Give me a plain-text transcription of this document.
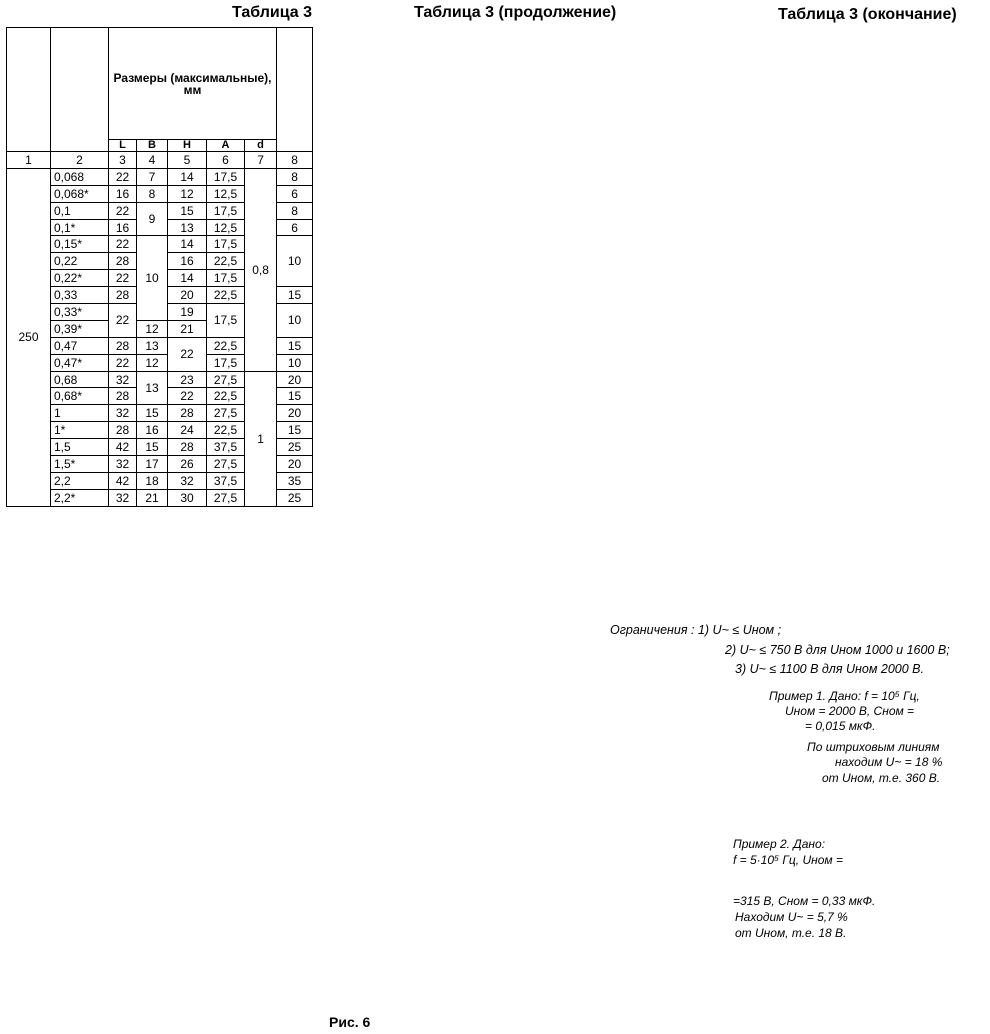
Таблица 3	Таблица 3 (продолжение)	Таблица 3 (окончание)
		Размеры (максимальные), мм	
		L	B	H	A	d	
1	2	3	4	5	6	7	8
250	0,068	22	7	14	17,5	0,8	8
	0,068*	16	8	12	12,5		6
	0,1	22	9	15	17,5		8
	0,1*	16		13	12,5		6
	0,15*	22	10	14	17,5		10
	0,22	28		16	22,5		
	0,22*	22		14	17,5		
	0,33	28		20	22,5		15
	0,33*	22		19	17,5		10
	0,39*		12	21			
	0,47	28	13	22	22,5		15
	0,47*	22	12		17,5		10
	0,68	32	13	23	27,5	1	20
	0,68*	28		22	22,5		15
	1	32	15	28	27,5		20
	1*	28	16	24	22,5		15
	1,5	42	15	28	37,5		25
	1,5*	32	17	26	27,5		20
	2,2	42	18	32	37,5		35
	2,2*	32	21	30	27,5		25
Ограничения : 1) U~ ≤ Uном ;
2) U~ ≤ 750 В для Uном 1000 и 1600 В;
3) U~ ≤ 1100 В для Uном 2000 В.
Пример 1. Дано: f = 10⁵ Гц,
Uном = 2000 В, Cном =
= 0,015 мкФ.
По штриховым линиям
находим U~ = 18 %
от Uном, т.е. 360 В.
Пример 2. Дано:
f = 5·10⁵ Гц, Uном =
=315 В, Cном = 0,33 мкФ.
Находим U~ = 5,7 %
от Uном, т.е. 18 В.
Рис. 6
